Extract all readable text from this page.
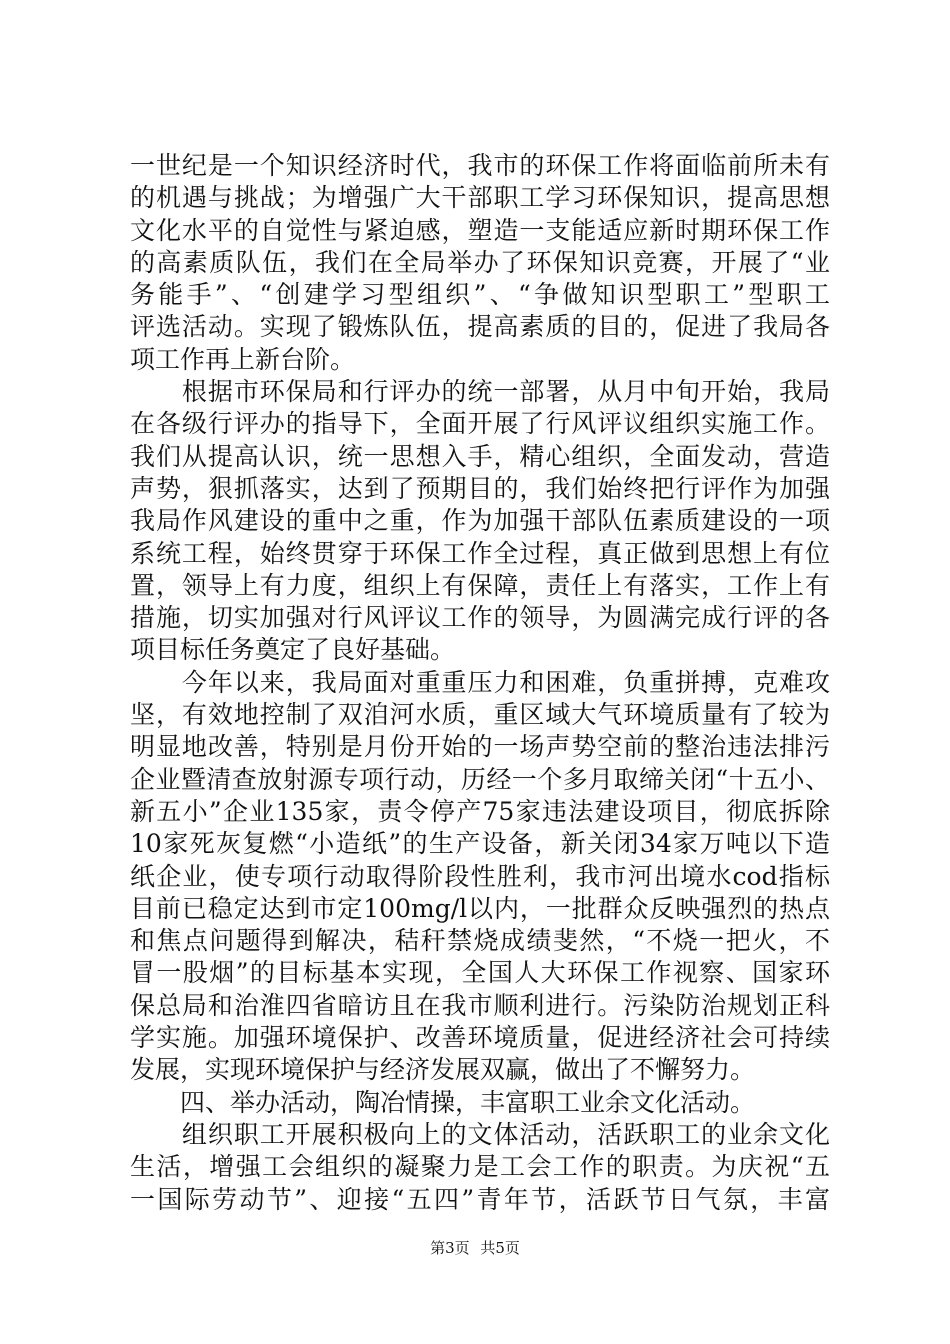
一世纪是一个知识经济时代，我市的环保工作将面临前所未有
的机遇与挑战；为增强广大干部职工学习环保知识，提高思想
文化水平的自觉性与紧迫感，塑造一支能适应新时期环保工作
的高素质队伍，我们在全局举办了环保知识竞赛，开展了“业
务能手”、“创建学习型组织”、“争做知识型职工”型职工
评选活动。实现了锻炼队伍，提高素质的目的，促进了我局各
项工作再上新台阶。
　　根据市环保局和行评办的统一部署，从月中旬开始，我局
在各级行评办的指导下，全面开展了行风评议组织实施工作。
我们从提高认识，统一思想入手，精心组织，全面发动，营造
声势，狠抓落实，达到了预期目的，我们始终把行评作为加强
我局作风建设的重中之重，作为加强干部队伍素质建设的一项
系统工程，始终贯穿于环保工作全过程，真正做到思想上有位
置，领导上有力度，组织上有保障，责任上有落实，工作上有
措施，切实加强对行风评议工作的领导，为圆满完成行评的各
项目标任务奠定了良好基础。
　　今年以来，我局面对重重压力和困难，负重拼搏，克难攻
坚，有效地控制了双洎河水质，重区域大气环境质量有了较为
明显地改善，特别是月份开始的一场声势空前的整治违法排污
企业暨清查放射源专项行动，历经一个多月取缔关闭“十五小、
新五小”企业135家，责令停产75家违法建设项目，彻底拆除
10家死灰复燃“小造纸”的生产设备，新关闭34家万吨以下造
纸企业，使专项行动取得阶段性胜利，我市河出境水cod指标
目前已稳定达到市定100mg/l以内，一批群众反映强烈的热点
和焦点问题得到解决，秸秆禁烧成绩斐然，“不烧一把火，不
冒一股烟”的目标基本实现，全国人大环保工作视察、国家环
保总局和治淮四省暗访且在我市顺利进行。污染防治规划正科
学实施。加强环境保护、改善环境质量，促进经济社会可持续
发展，实现环境保护与经济发展双赢，做出了不懈努力。
　　四、举办活动，陶冶情操，丰富职工业余文化活动。
　　组织职工开展积极向上的文体活动，活跃职工的业余文化
生活，增强工会组织的凝聚力是工会工作的职责。为庆祝“五
一国际劳动节”、迎接“五四”青年节，活跃节日气氛，丰富
第3页 共5页
